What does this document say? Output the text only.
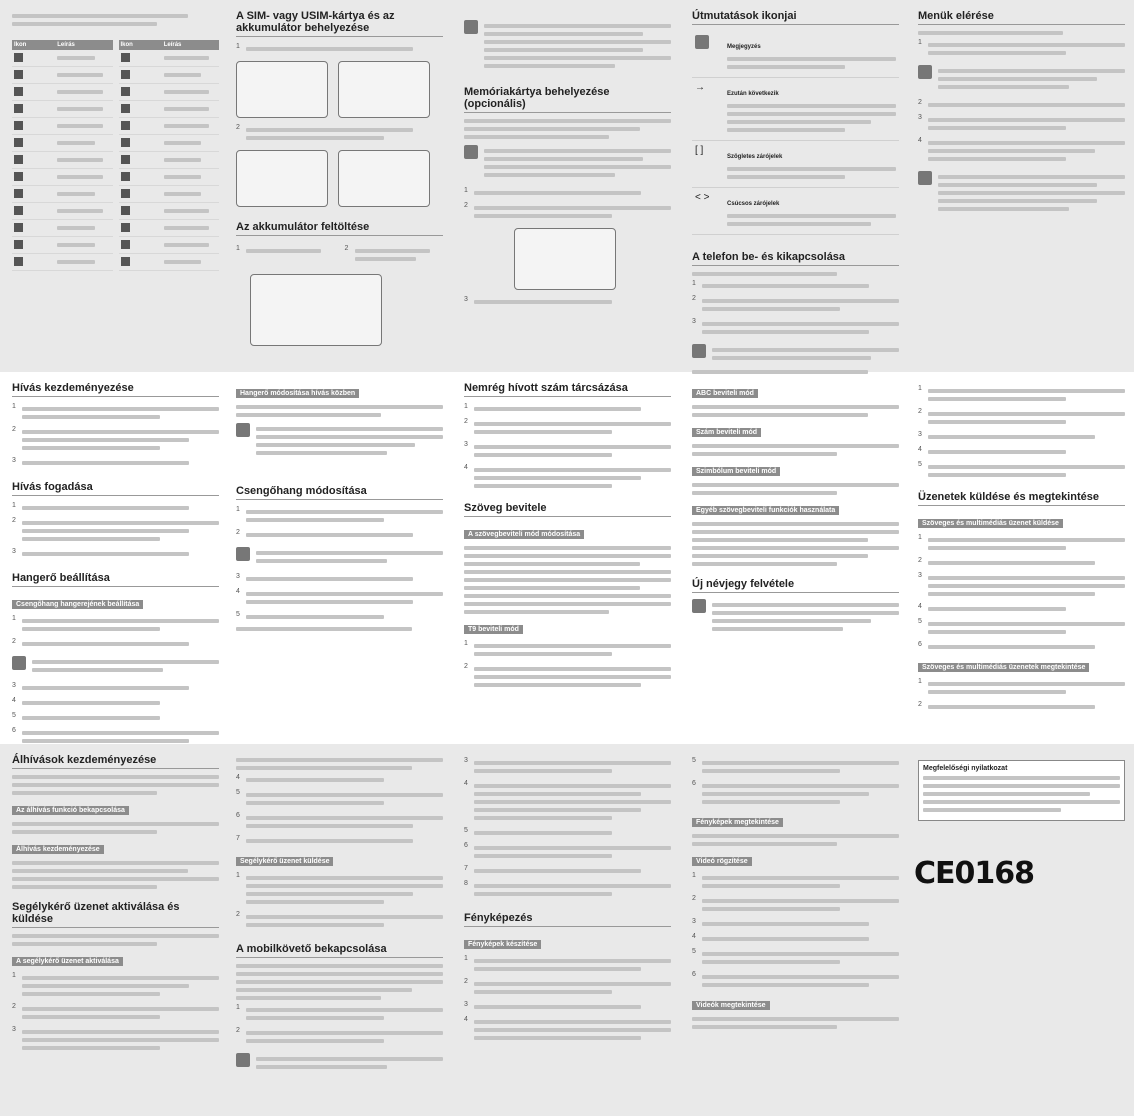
Ikon	Leírás

		Ikon	Leírás

A SIM- vagy USIM-kártya és az akkumulátor behelyezése
1
2
Az akkumulátor feltöltése
1	2
Memóriakártya behelyezése (opcionális)
1
2
3
Útmutatások ikonjai
	Megjegyzés

→	Ezután következik

[ ]	Szögletes zárójelek

< >	Csúcsos zárójelek
A telefon be- és kikapcsolása
1
2
3
Menük elérése
1
2
3
4
Hívás kezdeményezése
1
2
3
Hívás fogadása
1
2
3
Hangerő beállítása
Csengőhang hangerejének beállítása
1
2
3
4
5
6
Hangerő módosítása hívás közben
Csengőhang módosítása
1
2
3
4
5
Nemrég hívott szám tárcsázása
1
2
3
4
Szöveg bevitele
A szövegbeviteli mód módosítása
T9 beviteli mód
1
2
ABC beviteli mód
Szám beviteli mód
Szimbólum beviteli mód
Egyéb szövegbeviteli funkciók használata
Új névjegy felvétele
1
2
3
4
5
Üzenetek küldése és megtekintése
Szöveges és multimédiás üzenet küldése
1
2
3
4
5
6
Szöveges és multimédiás üzenetek megtekintése
1
2
Álhívások kezdeményezése
Az álhívás funkció bekapcsolása
Álhívás kezdeményezése
Segélykérő üzenet aktiválása és küldése
A segélykérő üzenet aktiválása
1
2
3
4
5
6
7
Segélykérő üzenet küldése
1
2
A mobilkövető bekapcsolása
1
2
3
4
5
6
7
8
Fényképezés
Fényképek készítése
1
2
3
4
5
6
Fényképek megtekintése
Videó rögzítése
1
2
3
4
5
6
Videók megtekintése
Megfelelőségi nyilatkozat
CE0168
